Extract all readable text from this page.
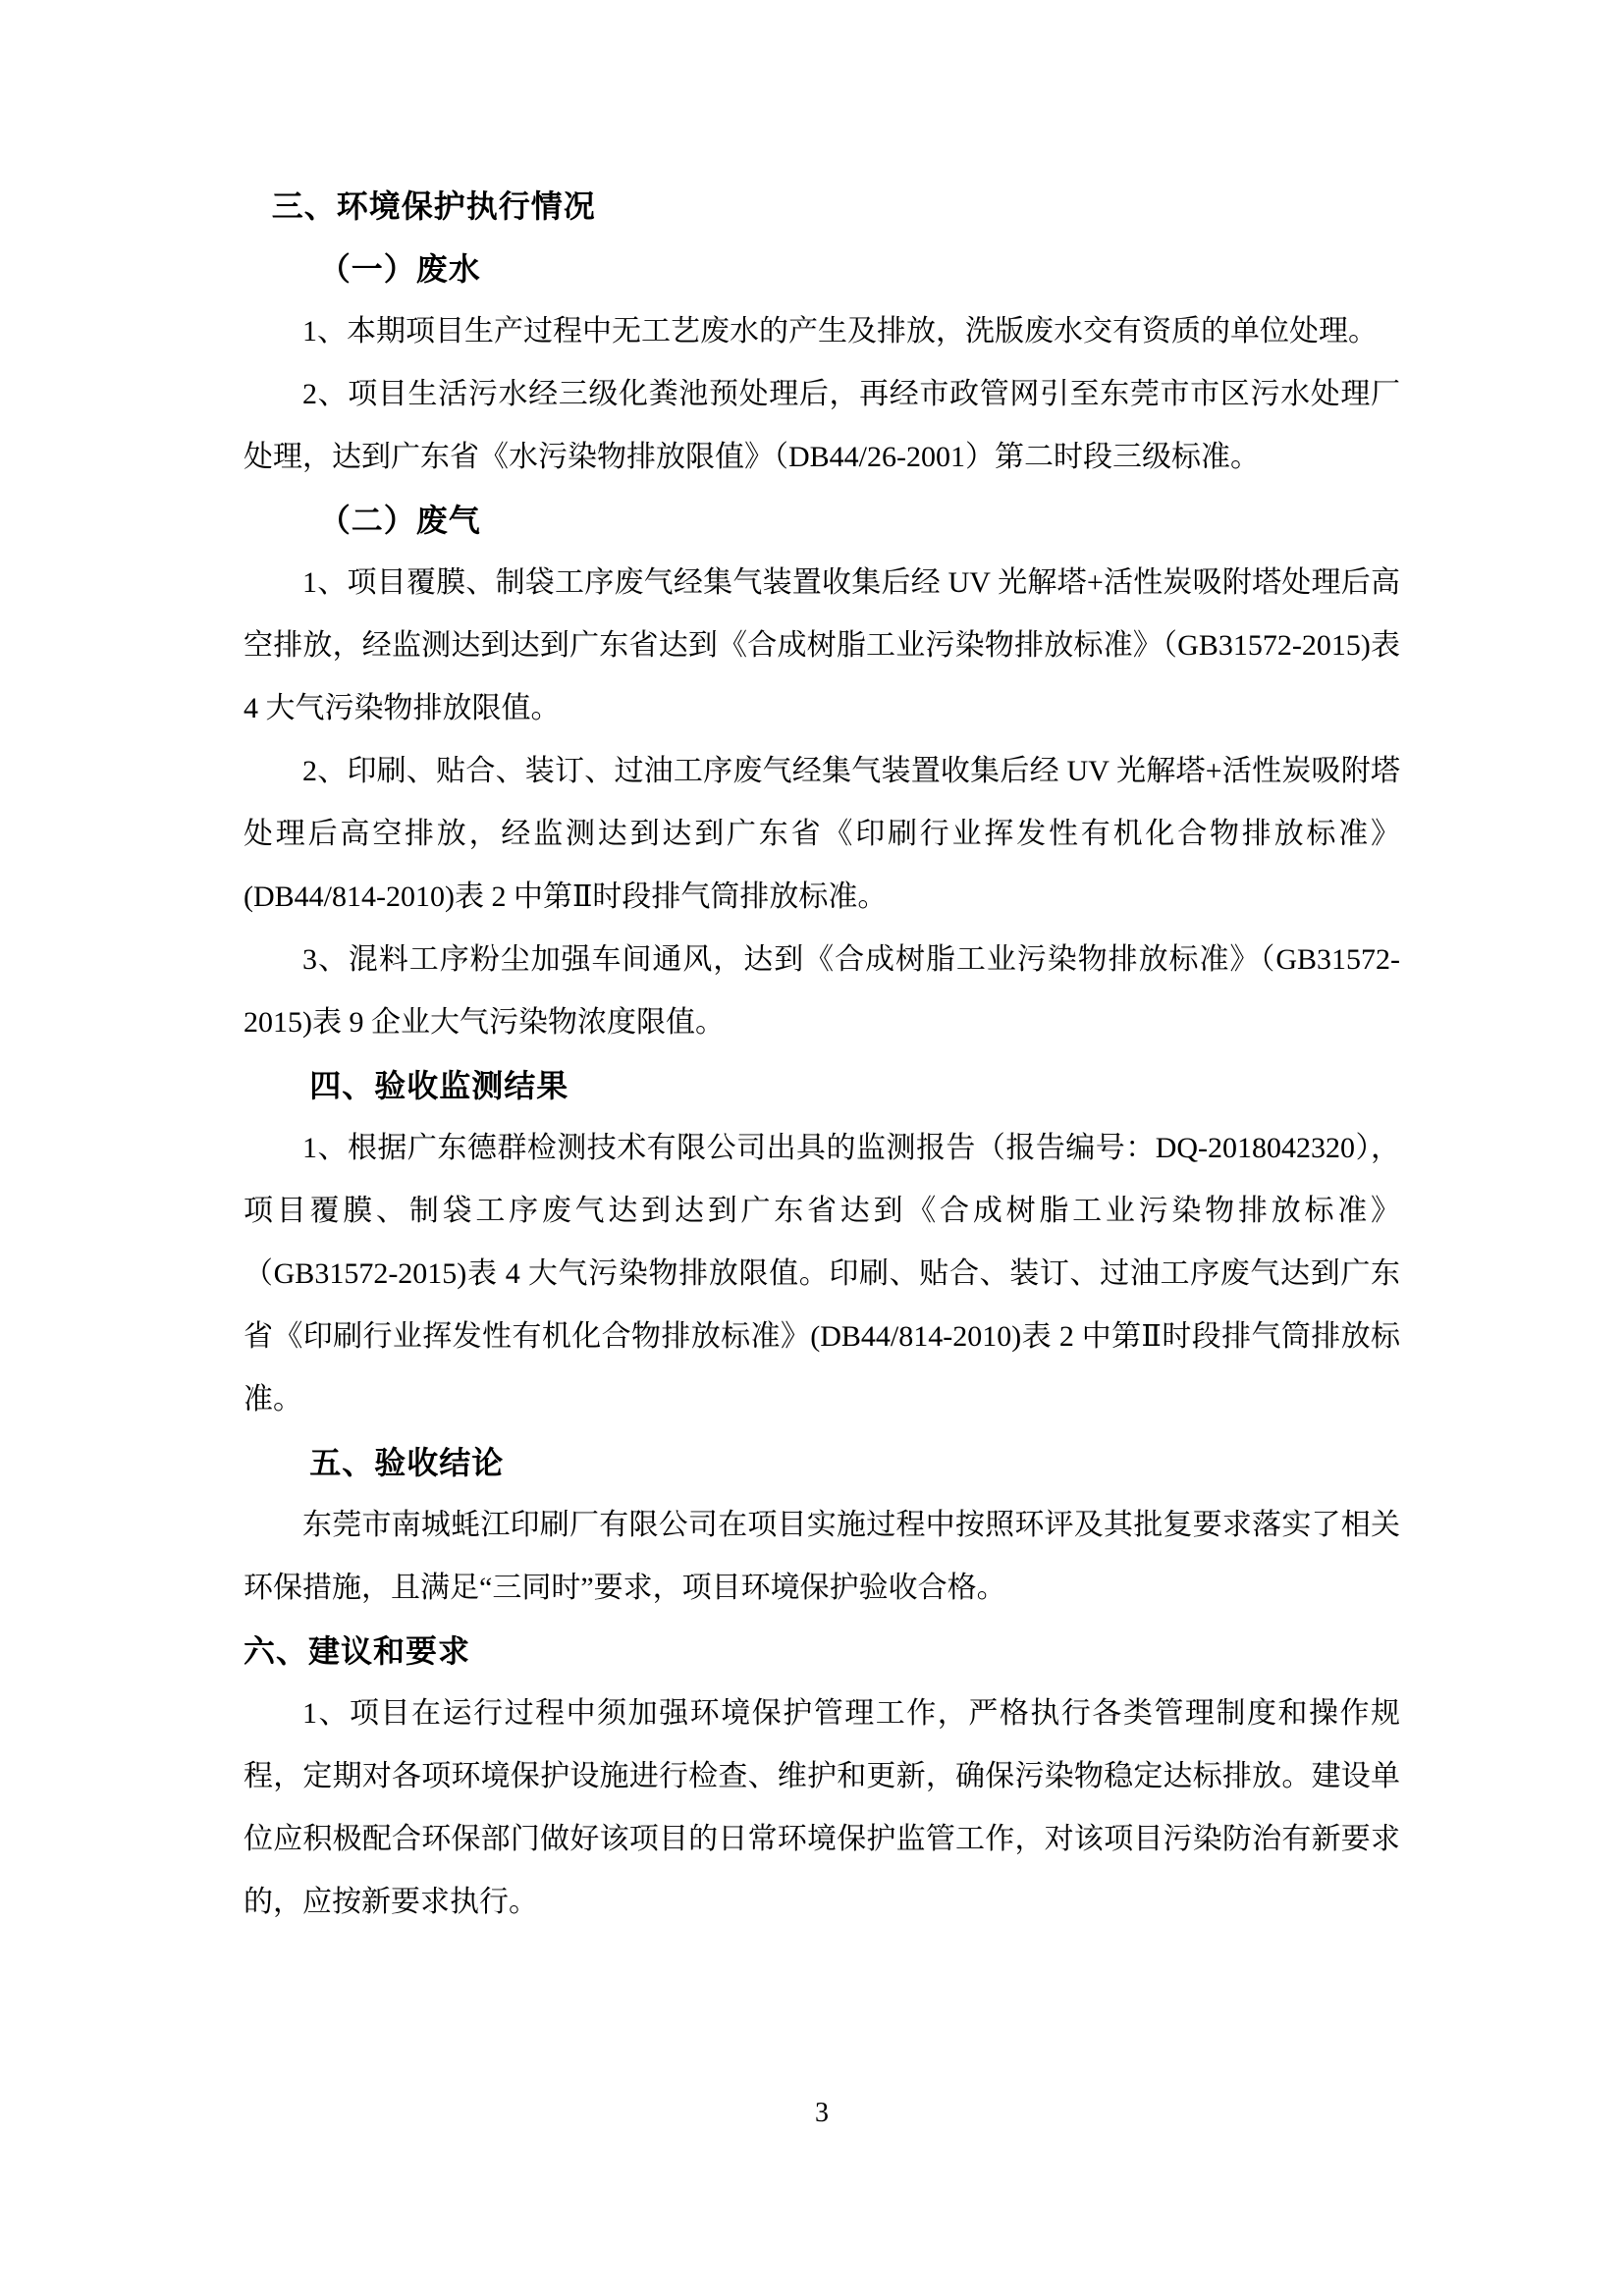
三、环境保护执行情况
（一）废水

1、本期项目生产过程中无工艺废水的产生及排放，洗版废水交有资质的单位处理。

2、项目生活污水经三级化粪池预处理后，再经市政管网引至东莞市市区污水处理厂处理，达到广东省《水污染物排放限值》（DB44/26-2001）第二时段三级标准。

（二）废气

1、项目覆膜、制袋工序废气经集气装置收集后经 UV 光解塔+活性炭吸附塔处理后高空排放，经监测达到达到广东省达到《合成树脂工业污染物排放标准》（GB31572-2015)表 4 大气污染物排放限值。

2、印刷、贴合、装订、过油工序废气经集气装置收集后经 UV 光解塔+活性炭吸附塔处理后高空排放，经监测达到达到广东省《印刷行业挥发性有机化合物排放标准》(DB44/814-2010)表 2 中第Ⅱ时段排气筒排放标准。

3、混料工序粉尘加强车间通风，达到《合成树脂工业污染物排放标准》（GB31572-2015)表 9 企业大气污染物浓度限值。

四、验收监测结果

1、根据广东德群检测技术有限公司出具的监测报告（报告编号：DQ-2018042320），项目覆膜、制袋工序废气达到达到广东省达到《合成树脂工业污染物排放标准》（GB31572-2015)表 4 大气污染物排放限值。印刷、贴合、装订、过油工序废气达到广东省《印刷行业挥发性有机化合物排放标准》(DB44/814-2010)表 2 中第Ⅱ时段排气筒排放标准。

五、验收结论

东莞市南城蚝江印刷厂有限公司在项目实施过程中按照环评及其批复要求落实了相关环保措施，且满足“三同时”要求，项目环境保护验收合格。

六、建议和要求

1、项目在运行过程中须加强环境保护管理工作，严格执行各类管理制度和操作规程，定期对各项环境保护设施进行检查、维护和更新，确保污染物稳定达标排放。建设单位应积极配合环保部门做好该项目的日常环境保护监管工作，对该项目污染防治有新要求的，应按新要求执行。

3
